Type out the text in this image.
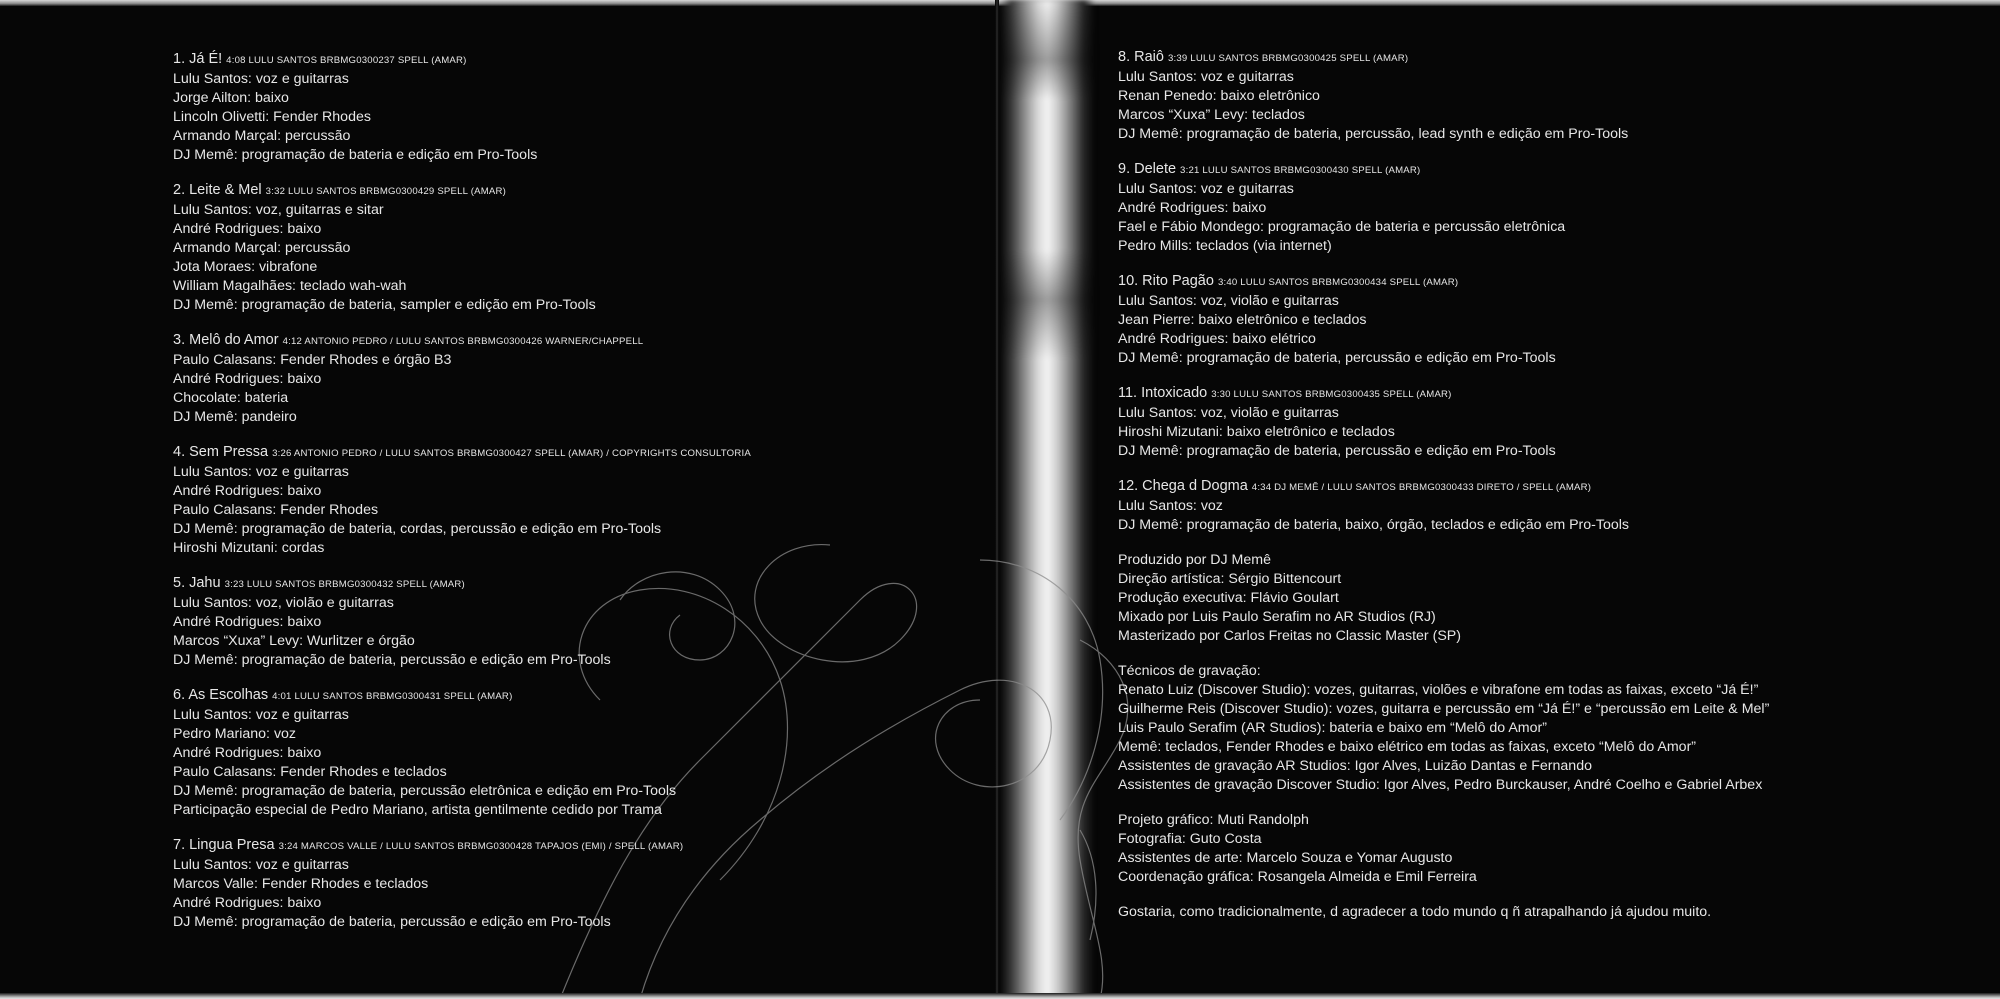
1. Já É! 4:08 LULU SANTOS BRBMG0300237 SPELL (AMAR)
Lulu Santos: voz e guitarras
Jorge Ailton: baixo
Lincoln Olivetti: Fender Rhodes
Armando Marçal: percussão
DJ Memê: programação de bateria e edição em Pro-Tools
2. Leite & Mel 3:32 LULU SANTOS BRBMG0300429 SPELL (AMAR)
Lulu Santos: voz, guitarras e sitar
André Rodrigues: baixo
Armando Marçal: percussão
Jota Moraes: vibrafone
William Magalhães: teclado wah-wah
DJ Memê: programação de bateria, sampler e edição em Pro-Tools
3. Melô do Amor 4:12 ANTONIO PEDRO / LULU SANTOS BRBMG0300426 WARNER/CHAPPELL
Paulo Calasans: Fender Rhodes e órgão B3
André Rodrigues: baixo
Chocolate: bateria
DJ Memê: pandeiro
4. Sem Pressa 3:26 ANTONIO PEDRO / LULU SANTOS BRBMG0300427 SPELL (AMAR) / COPYRIGHTS CONSULTORIA
Lulu Santos: voz e guitarras
André Rodrigues: baixo
Paulo Calasans: Fender Rhodes
DJ Memê: programação de bateria, cordas, percussão e edição em Pro-Tools
Hiroshi Mizutani: cordas
5. Jahu 3:23 LULU SANTOS BRBMG0300432 SPELL (AMAR)
Lulu Santos: voz, violão e guitarras
André Rodrigues: baixo
Marcos “Xuxa” Levy: Wurlitzer e órgão
DJ Memê: programação de bateria, percussão e edição em Pro-Tools
6. As Escolhas 4:01 LULU SANTOS BRBMG0300431 SPELL (AMAR)
Lulu Santos: voz e guitarras
Pedro Mariano: voz
André Rodrigues: baixo
Paulo Calasans: Fender Rhodes e teclados
DJ Memê: programação de bateria, percussão eletrônica e edição em Pro-Tools
Participação especial de Pedro Mariano, artista gentilmente cedido por Trama
7. Lingua Presa 3:24 MARCOS VALLE / LULU SANTOS BRBMG0300428 TAPAJOS (EMI) / SPELL (AMAR)
Lulu Santos: voz e guitarras
Marcos Valle: Fender Rhodes e teclados
André Rodrigues: baixo
DJ Memê: programação de bateria, percussão e edição em Pro-Tools
8. Raiô 3:39 LULU SANTOS BRBMG0300425 SPELL (AMAR)
Lulu Santos: voz e guitarras
Renan Penedo: baixo eletrônico
Marcos “Xuxa” Levy: teclados
DJ Memê: programação de bateria, percussão, lead synth e edição em Pro-Tools
9. Delete 3:21 LULU SANTOS BRBMG0300430 SPELL (AMAR)
Lulu Santos: voz e guitarras
André Rodrigues: baixo
Fael e Fábio Mondego: programação de bateria e percussão eletrônica
Pedro Mills: teclados (via internet)
10. Rito Pagão 3:40 LULU SANTOS BRBMG0300434 SPELL (AMAR)
Lulu Santos: voz, violão e guitarras
Jean Pierre: baixo eletrônico e teclados
André Rodrigues: baixo elétrico
DJ Memê: programação de bateria, percussão e edição em Pro-Tools
11. Intoxicado 3:30 LULU SANTOS BRBMG0300435 SPELL (AMAR)
Lulu Santos: voz, violão e guitarras
Hiroshi Mizutani: baixo eletrônico e teclados
DJ Memê: programação de bateria, percussão e edição em Pro-Tools
12. Chega d Dogma 4:34 DJ MEMÊ / LULU SANTOS BRBMG0300433 DIRETO / SPELL (AMAR)
Lulu Santos: voz
DJ Memê: programação de bateria, baixo, órgão, teclados e edição em Pro-Tools
Produzido por DJ Memê
Direção artística: Sérgio Bittencourt
Produção executiva: Flávio Goulart
Mixado por Luis Paulo Serafim no AR Studios (RJ)
Masterizado por Carlos Freitas no Classic Master (SP)
Técnicos de gravação:
Renato Luiz (Discover Studio): vozes, guitarras, violões e vibrafone em todas as faixas, exceto “Já É!”
Guilherme Reis (Discover Studio): vozes, guitarra e percussão em “Já É!” e “percussão em Leite & Mel”
Luis Paulo Serafim (AR Studios): bateria e baixo em “Melô do Amor”
Memê: teclados, Fender Rhodes e baixo elétrico em todas as faixas, exceto “Melô do Amor”
Assistentes de gravação AR Studios: Igor Alves, Luizão Dantas e Fernando
Assistentes de gravação Discover Studio: Igor Alves, Pedro Burckauser, André Coelho e Gabriel Arbex
Projeto gráfico: Muti Randolph
Fotografia: Guto Costa
Assistentes de arte: Marcelo Souza e Yomar Augusto
Coordenação gráfica: Rosangela Almeida e Emil Ferreira
Gostaria, como tradicionalmente, d agradecer a todo mundo q ñ atrapalhando já ajudou muito.
